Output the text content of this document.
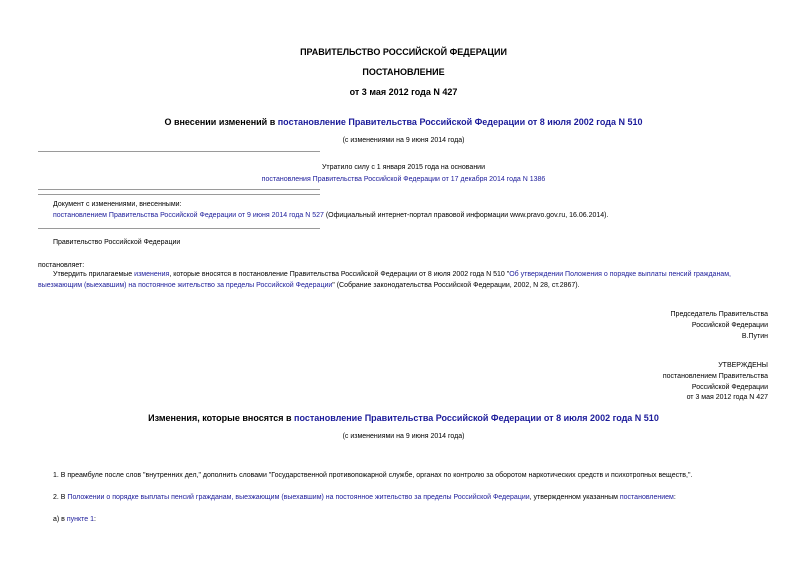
ПРАВИТЕЛЬСТВО РОССИЙСКОЙ ФЕДЕРАЦИИ
ПОСТАНОВЛЕНИЕ
от 3 мая 2012 года N 427
О внесении изменений в постановление Правительства Российской Федерации от 8 июля 2002 года N 510
(с изменениями на 9 июня 2014 года)
Утратило силу с 1 января 2015 года на основании
постановления Правительства Российской Федерации от 17 декабря 2014 года N 1386
Документ с изменениями, внесенными:
постановлением Правительства Российской Федерации от 9 июня 2014 года N 527 (Официальный интернет-портал правовой информации www.pravo.gov.ru, 16.06.2014).
Правительство Российской Федерации
постановляет:
Утвердить прилагаемые изменения, которые вносятся в постановление Правительства Российской Федерации от 8 июля 2002 года N 510 "Об утверждении Положения о порядке выплаты пенсий гражданам,
выезжающим (выехавшим) на постоянное жительство за пределы Российской Федерации" (Собрание законодательства Российской Федерации, 2002, N 28, ст.2867).
Председатель Правительства
Российской Федерации
В.Путин
УТВЕРЖДЕНЫ
постановлением Правительства
Российской Федерации
от 3 мая 2012 года N 427
Изменения, которые вносятся в постановление Правительства Российской Федерации от 8 июля 2002 года N 510
(с изменениями на 9 июня 2014 года)
1. В преамбуле после слов "внутренних дел," дополнить словами "Государственной противопожарной службе, органах по контролю за оборотом наркотических средств и психотропных веществ,".
2. В Положении о порядке выплаты пенсий гражданам, выезжающим (выехавшим) на постоянное жительство за пределы Российской Федерации, утвержденном указанным постановлением:
а) в пункте 1:
